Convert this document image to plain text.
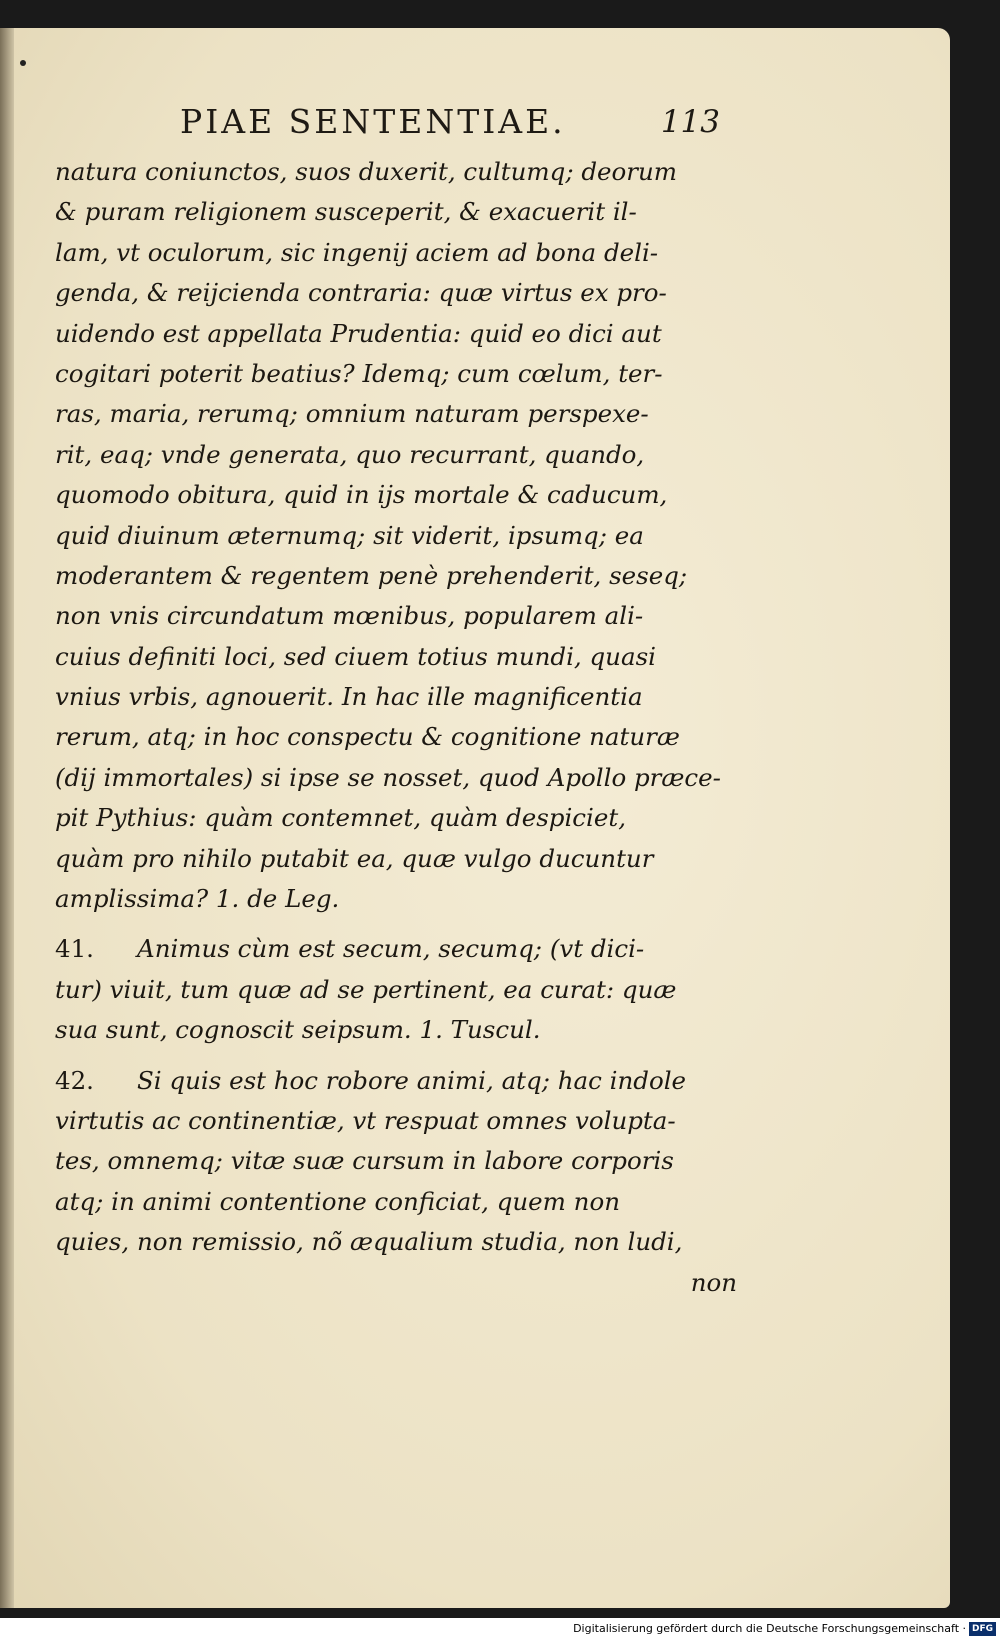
PIAE SENTENTIAE.	113
natura coniunctos, suos duxerit, cultumq; deorum
& puram religionem susceperit, & exacuerit il-
lam, vt oculorum, sic ingenij aciem ad bona deli-
genda, & reijcienda contraria: quæ virtus ex pro-
uidendo est appellata Prudentia: quid eo dici aut
cogitari poterit beatius? Idemq; cum cœlum, ter-
ras, maria, rerumq; omnium naturam perspexe-
rit, eaq; vnde generata, quo recurrant, quando,
quomodo obitura, quid in ijs mortale & caducum,
quid diuinum æternumq; sit viderit, ipsumq; ea
moderantem & regentem penè prehenderit, seseq;
non vnis circundatum mœnibus, popularem ali-
cuius definiti loci, sed ciuem totius mundi, quasi
vnius vrbis, agnouerit. In hac ille magnificentia
rerum, atq; in hoc conspectu & cognitione naturæ
(dij immortales) si ipse se nosset, quod Apollo præce-
pit Pythius: quàm contemnet, quàm despiciet,
quàm pro nihilo putabit ea, quæ vulgo ducuntur
amplissima? 1. de Leg.
41. Animus cùm est secum, secumq; (vt dici-
tur) viuit, tum quæ ad se pertinent, ea curat: quæ
sua sunt, cognoscit seipsum. 1. Tuscul.
42. Si quis est hoc robore animi, atq; hac indole
virtutis ac continentiæ, vt respuat omnes volupta-
tes, omnemq; vitæ suæ cursum in labore corporis
atq; in animi contentione conficiat, quem non
quies, non remissio, nõ æqualium studia, non ludi,
non
Digitalisierung gefördert durch die Deutsche Forschungsgemeinschaft · DFG
